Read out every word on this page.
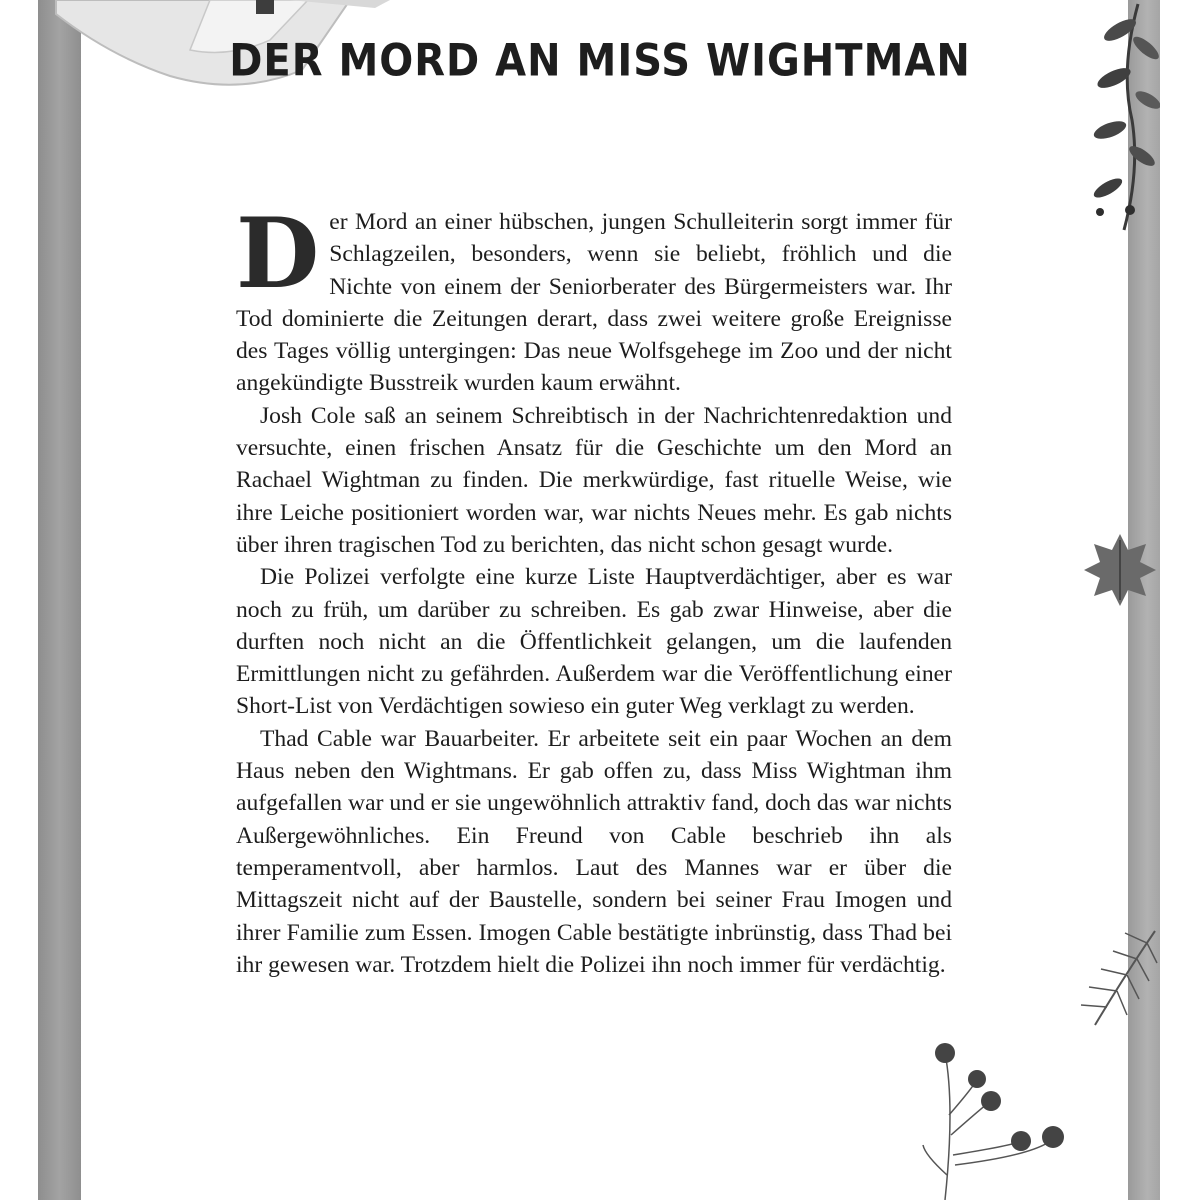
DER MORD AN MISS WIGHTMAN

Der Mord an einer hübschen, jungen Schulleiterin sorgt immer für Schlagzeilen, besonders, wenn sie beliebt, fröhlich und die Nichte von einem der Seniorberater des Bürgermeisters war. Ihr Tod dominierte die Zeitungen derart, dass zwei weitere große Ereignisse des Tages völlig untergingen: Das neue Wolfsgehege im Zoo und der nicht angekündigte Busstreik wurden kaum erwähnt.

Josh Cole saß an seinem Schreibtisch in der Nachrichtenredaktion und versuchte, einen frischen Ansatz für die Geschichte um den Mord an Rachael Wightman zu finden. Die merkwürdige, fast rituelle Weise, wie ihre Leiche positioniert worden war, war nichts Neues mehr. Es gab nichts über ihren tragischen Tod zu berichten, das nicht schon gesagt wurde.

Die Polizei verfolgte eine kurze Liste Hauptverdächtiger, aber es war noch zu früh, um darüber zu schreiben. Es gab zwar Hinweise, aber die durften noch nicht an die Öffentlichkeit gelangen, um die laufenden Ermittlungen nicht zu gefährden. Außerdem war die Veröffentlichung einer Short-List von Verdächtigen sowieso ein guter Weg verklagt zu werden.

Thad Cable war Bauarbeiter. Er arbeitete seit ein paar Wochen an dem Haus neben den Wightmans. Er gab offen zu, dass Miss Wightman ihm aufgefallen war und er sie ungewöhnlich attraktiv fand, doch das war nichts Außergewöhnliches. Ein Freund von Cable beschrieb ihn als temperamentvoll, aber harmlos. Laut des Mannes war er über die Mittagszeit nicht auf der Baustelle, sondern bei seiner Frau Imogen und ihrer Familie zum Essen. Imogen Cable bestätigte inbrünstig, dass Thad bei ihr gewesen war. Trotzdem hielt die Polizei ihn noch immer für verdächtig.
